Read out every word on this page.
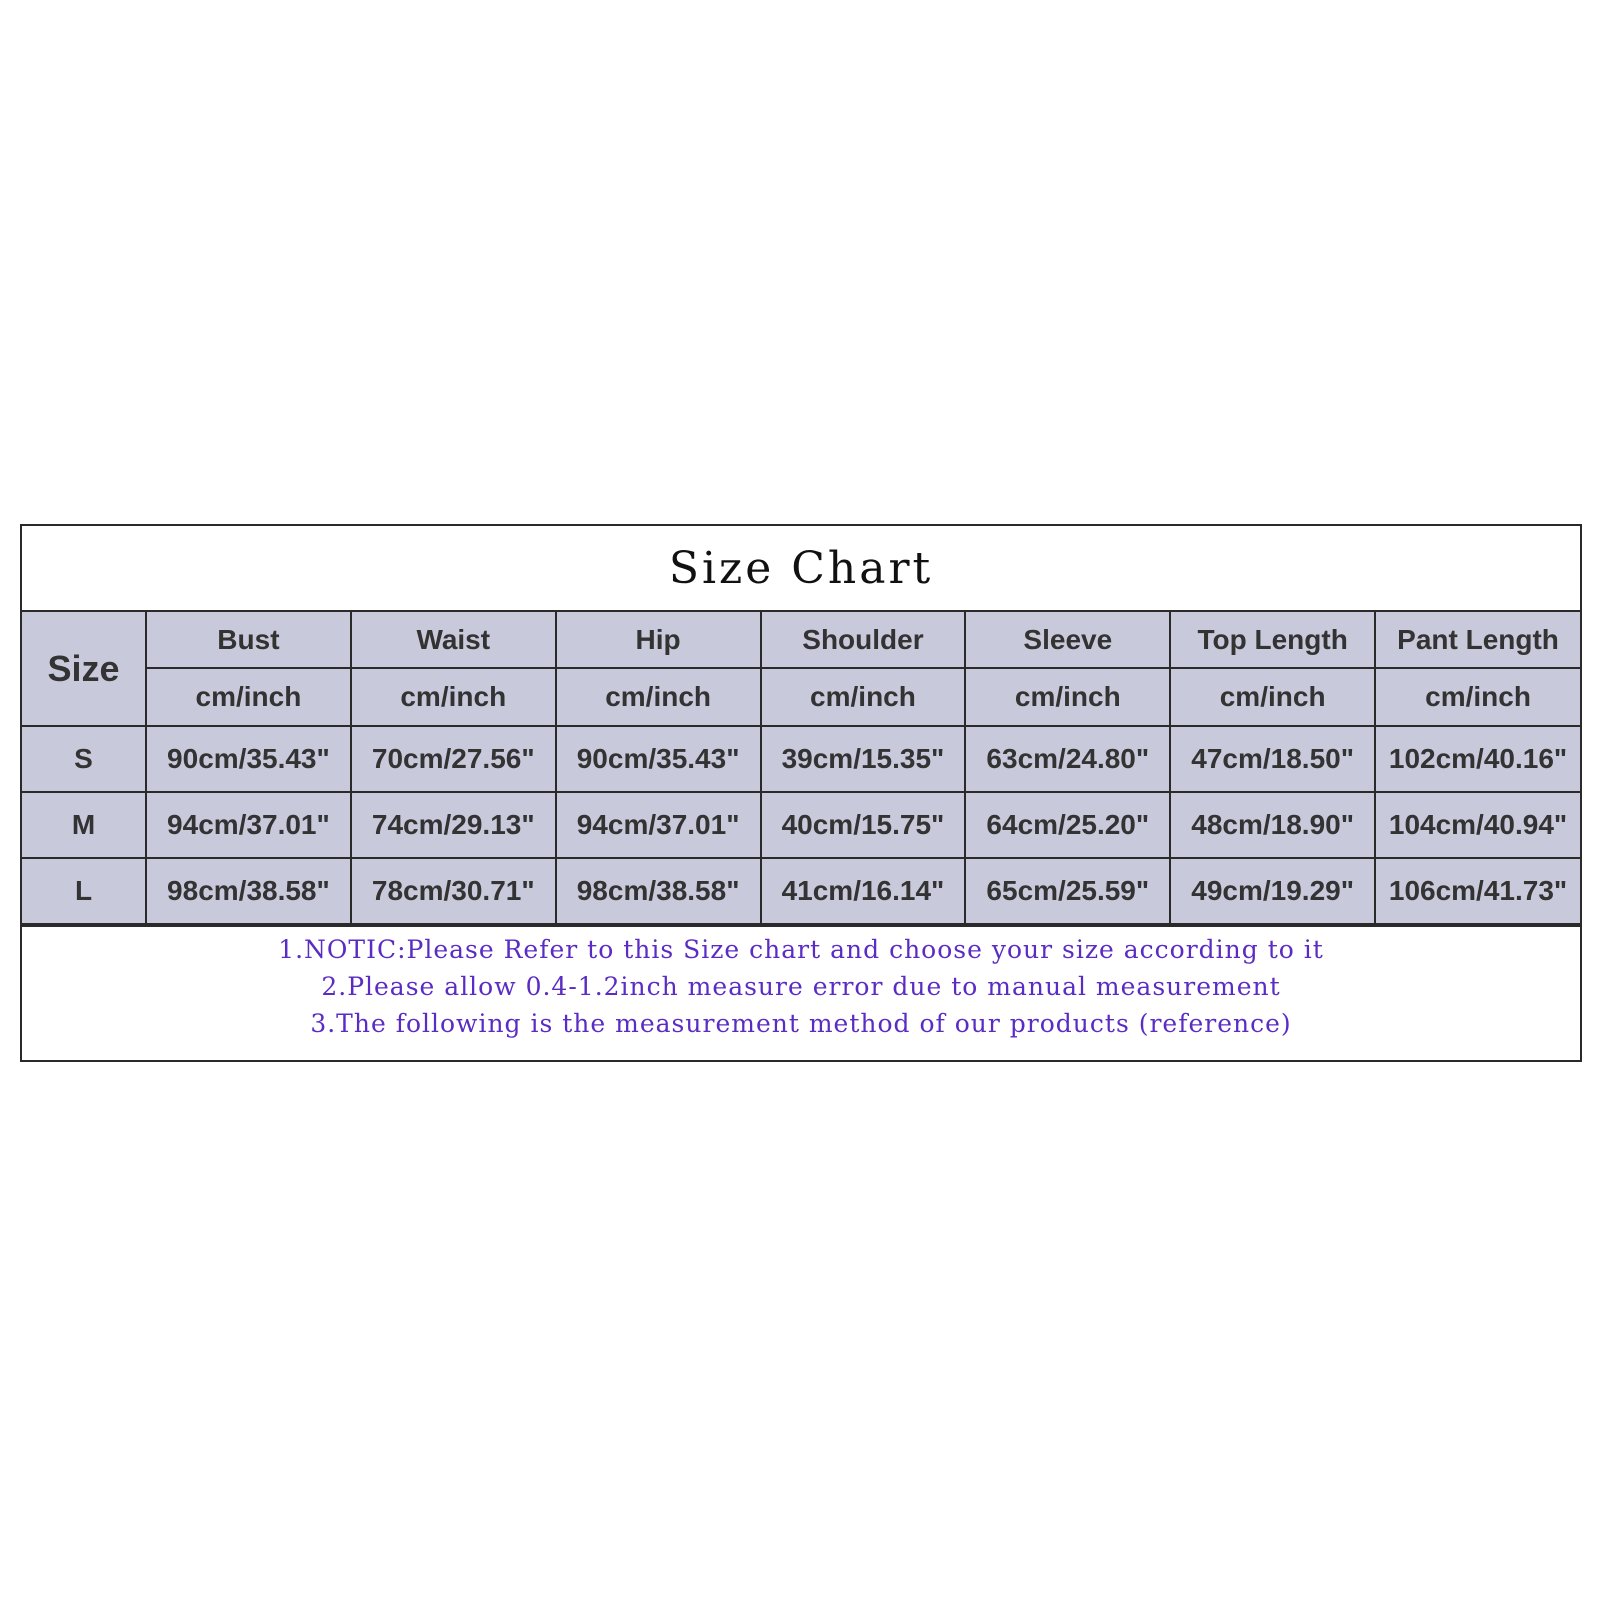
Size Chart
Size	Bust	Waist	Hip	Shoulder	Sleeve	Top Length	Pant Length
	cm/inch	cm/inch	cm/inch	cm/inch	cm/inch	cm/inch	cm/inch
S	90cm/35.43"	70cm/27.56"	90cm/35.43"	39cm/15.35"	63cm/24.80"	47cm/18.50"	102cm/40.16"
M	94cm/37.01"	74cm/29.13"	94cm/37.01"	40cm/15.75"	64cm/25.20"	48cm/18.90"	104cm/40.94"
L	98cm/38.58"	78cm/30.71"	98cm/38.58"	41cm/16.14"	65cm/25.59"	49cm/19.29"	106cm/41.73"
1.NOTIC:Please Refer to this Size chart and choose your size according to it
2.Please allow 0.4-1.2inch measure error due to manual measurement
3.The following is the measurement method of our products (reference)
